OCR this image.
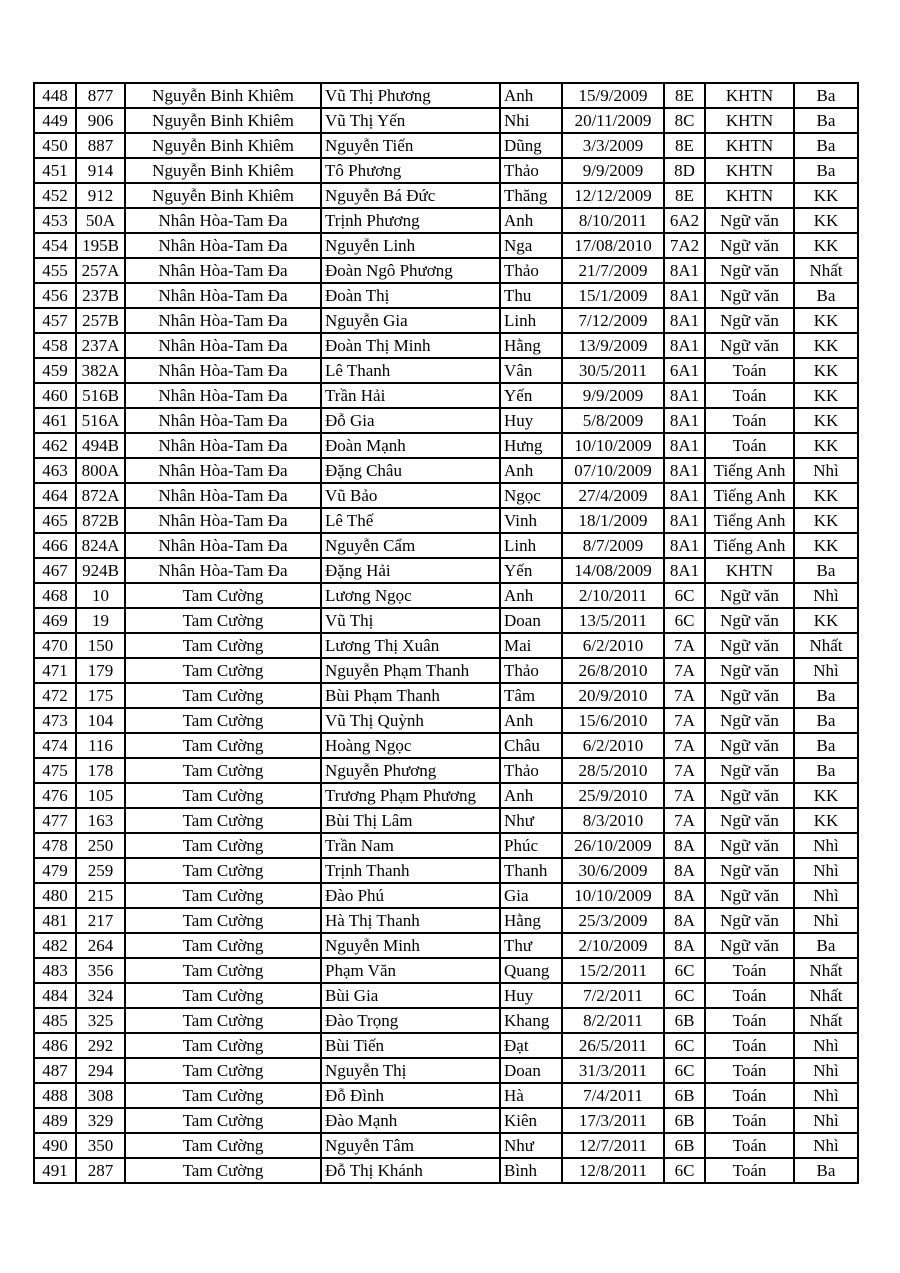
448	877	Nguyễn Binh Khiêm	Vũ Thị Phương	Anh	15/9/2009	8E	KHTN	Ba
449	906	Nguyễn Binh Khiêm	Vũ Thị Yến	Nhi	20/11/2009	8C	KHTN	Ba
450	887	Nguyễn Binh Khiêm	Nguyễn Tiến	Dũng	3/3/2009	8E	KHTN	Ba
451	914	Nguyễn Binh Khiêm	Tô Phương	Thảo	9/9/2009	8D	KHTN	Ba
452	912	Nguyễn Binh Khiêm	Nguyễn Bá Đức	Thăng	12/12/2009	8E	KHTN	KK
453	50A	Nhân Hòa-Tam Đa	Trịnh Phương	Anh	8/10/2011	6A2	Ngữ văn	KK
454	195B	Nhân Hòa-Tam Đa	Nguyễn Linh	Nga	17/08/2010	7A2	Ngữ văn	KK
455	257A	Nhân Hòa-Tam Đa	Đoàn Ngô Phương	Thảo	21/7/2009	8A1	Ngữ văn	Nhất
456	237B	Nhân Hòa-Tam Đa	Đoàn Thị	Thu	15/1/2009	8A1	Ngữ văn	Ba
457	257B	Nhân Hòa-Tam Đa	Nguyễn Gia	Linh	7/12/2009	8A1	Ngữ văn	KK
458	237A	Nhân Hòa-Tam Đa	Đoàn Thị Minh	Hằng	13/9/2009	8A1	Ngữ văn	KK
459	382A	Nhân Hòa-Tam Đa	Lê Thanh	Vân	30/5/2011	6A1	Toán	KK
460	516B	Nhân Hòa-Tam Đa	Trần Hải	Yến	9/9/2009	8A1	Toán	KK
461	516A	Nhân Hòa-Tam Đa	Đỗ Gia	Huy	5/8/2009	8A1	Toán	KK
462	494B	Nhân Hòa-Tam Đa	Đoàn Mạnh	Hưng	10/10/2009	8A1	Toán	KK
463	800A	Nhân Hòa-Tam Đa	Đặng Châu	Anh	07/10/2009	8A1	Tiếng Anh	Nhì
464	872A	Nhân Hòa-Tam Đa	Vũ Bảo	Ngọc	27/4/2009	8A1	Tiếng Anh	KK
465	872B	Nhân Hòa-Tam Đa	Lê Thế	Vinh	18/1/2009	8A1	Tiếng Anh	KK
466	824A	Nhân Hòa-Tam Đa	Nguyễn Cẩm	Linh	8/7/2009	8A1	Tiếng Anh	KK
467	924B	Nhân Hòa-Tam Đa	Đặng Hải	Yến	14/08/2009	8A1	KHTN	Ba
468	10	Tam Cường	Lương Ngọc	Anh	2/10/2011	6C	Ngữ văn	Nhì
469	19	Tam Cường	Vũ Thị	Doan	13/5/2011	6C	Ngữ văn	KK
470	150	Tam Cường	Lương Thị Xuân	Mai	6/2/2010	7A	Ngữ văn	Nhất
471	179	Tam Cường	Nguyễn Phạm Thanh	Thảo	26/8/2010	7A	Ngữ văn	Nhì
472	175	Tam Cường	Bùi Phạm Thanh	Tâm	20/9/2010	7A	Ngữ văn	Ba
473	104	Tam Cường	Vũ Thị Quỳnh	Anh	15/6/2010	7A	Ngữ văn	Ba
474	116	Tam Cường	Hoàng Ngọc	Châu	6/2/2010	7A	Ngữ văn	Ba
475	178	Tam Cường	Nguyễn Phương	Thảo	28/5/2010	7A	Ngữ văn	Ba
476	105	Tam Cường	Trương Phạm Phương	Anh	25/9/2010	7A	Ngữ văn	KK
477	163	Tam Cường	Bùi Thị Lâm	Như	8/3/2010	7A	Ngữ văn	KK
478	250	Tam Cường	Trần Nam	Phúc	26/10/2009	8A	Ngữ văn	Nhì
479	259	Tam Cường	Trịnh Thanh	Thanh	30/6/2009	8A	Ngữ văn	Nhì
480	215	Tam Cường	Đào Phú	Gia	10/10/2009	8A	Ngữ văn	Nhì
481	217	Tam Cường	Hà Thị Thanh	Hằng	25/3/2009	8A	Ngữ văn	Nhì
482	264	Tam Cường	Nguyễn Minh	Thư	2/10/2009	8A	Ngữ văn	Ba
483	356	Tam Cường	Phạm Văn	Quang	15/2/2011	6C	Toán	Nhất
484	324	Tam Cường	Bùi Gia	Huy	7/2/2011	6C	Toán	Nhất
485	325	Tam Cường	Đào Trọng	Khang	8/2/2011	6B	Toán	Nhất
486	292	Tam Cường	Bùi Tiến	Đạt	26/5/2011	6C	Toán	Nhì
487	294	Tam Cường	Nguyễn Thị	Doan	31/3/2011	6C	Toán	Nhì
488	308	Tam Cường	Đỗ Đình	Hà	7/4/2011	6B	Toán	Nhì
489	329	Tam Cường	Đào Mạnh	Kiên	17/3/2011	6B	Toán	Nhì
490	350	Tam Cường	Nguyễn Tâm	Như	12/7/2011	6B	Toán	Nhì
491	287	Tam Cường	Đỗ Thị Khánh	Bình	12/8/2011	6C	Toán	Ba
